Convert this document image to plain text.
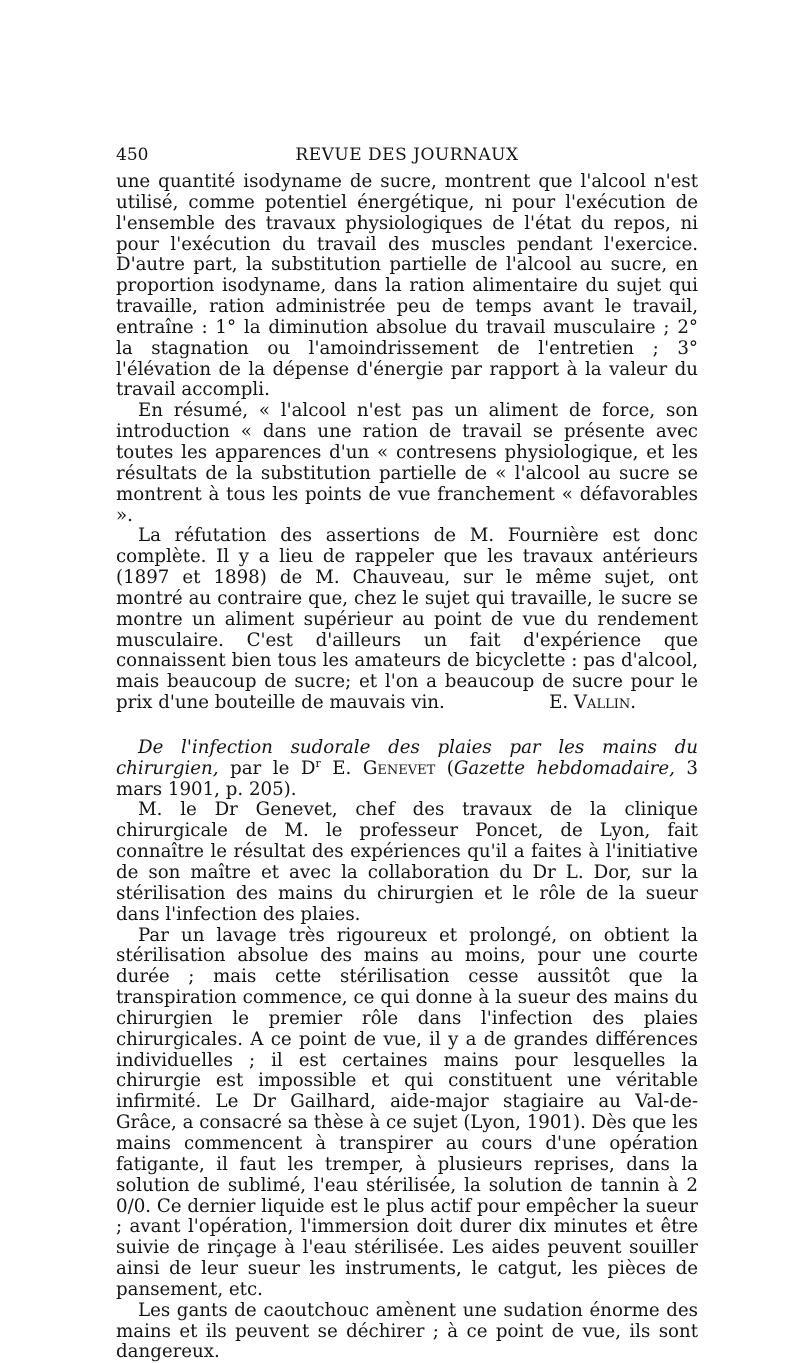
450	REVUE DES JOURNAUX

une quantité isodyname de sucre, montrent que l'alcool n'est utilisé, comme potentiel énergétique, ni pour l'exécution de l'ensemble des travaux physiologiques de l'état du repos, ni pour l'exécution du travail des muscles pendant l'exercice. D'autre part, la substitution partielle de l'alcool au sucre, en proportion isodyname, dans la ration alimentaire du sujet qui travaille, ration administrée peu de temps avant le travail, entraîne : 1° la diminution absolue du travail musculaire ; 2° la stagnation ou l'amoindrissement de l'entretien ; 3° l'élévation de la dépense d'énergie par rapport à la valeur du travail accompli.

En résumé, « l'alcool n'est pas un aliment de force, son introduction « dans une ration de travail se présente avec toutes les apparences d'un « contresens physiologique, et les résultats de la substitution partielle de « l'alcool au sucre se montrent à tous les points de vue franchement « défavorables ».

La réfutation des assertions de M. Fournière est donc complète. Il y a lieu de rappeler que les travaux antérieurs (1897 et 1898) de M. Chauveau, sur le même sujet, ont montré au contraire que, chez le sujet qui travaille, le sucre se montre un aliment supérieur au point de vue du rendement musculaire. C'est d'ailleurs un fait d'expérience que connaissent bien tous les amateurs de bicyclette : pas d'alcool, mais beaucoup de sucre; et l'on a beaucoup de sucre pour le prix d'une bouteille de mauvais vin.	E. Vallin.

De l'infection sudorale des plaies par les mains du chirurgien, par le $D^r$ E. Genevet (Gazette hebdomadaire, 3 mars 1901, p. 205).

M. le Dr Genevet, chef des travaux de la clinique chirurgicale de M. le professeur Poncet, de Lyon, fait connaître le résultat des expériences qu'il a faites à l'initiative de son maître et avec la collaboration du Dr L. Dor, sur la stérilisation des mains du chirurgien et le rôle de la sueur dans l'infection des plaies.

Par un lavage très rigoureux et prolongé, on obtient la stérilisation absolue des mains au moins, pour une courte durée ; mais cette stérilisation cesse aussitôt que la transpiration commence, ce qui donne à la sueur des mains du chirurgien le premier rôle dans l'infection des plaies chirurgicales. A ce point de vue, il y a de grandes différences individuelles ; il est certaines mains pour lesquelles la chirurgie est impossible et qui constituent une véritable infirmité. Le Dr Gailhard, aide-major stagiaire au Val-de-Grâce, a consacré sa thèse à ce sujet (Lyon, 1901). Dès que les mains commencent à transpirer au cours d'une opération fatigante, il faut les tremper, à plusieurs reprises, dans la solution de sublimé, l'eau stérilisée, la solution de tannin à 2 0/0. Ce dernier liquide est le plus actif pour empêcher la sueur ; avant l'opération, l'immersion doit durer dix minutes et être suivie de rinçage à l'eau stérilisée. Les aides peuvent souiller ainsi de leur sueur les instruments, le catgut, les pièces de pansement, etc.

Les gants de caoutchouc amènent une sudation énorme des mains et ils peuvent se déchirer ; à ce point de vue, ils sont dangereux.
